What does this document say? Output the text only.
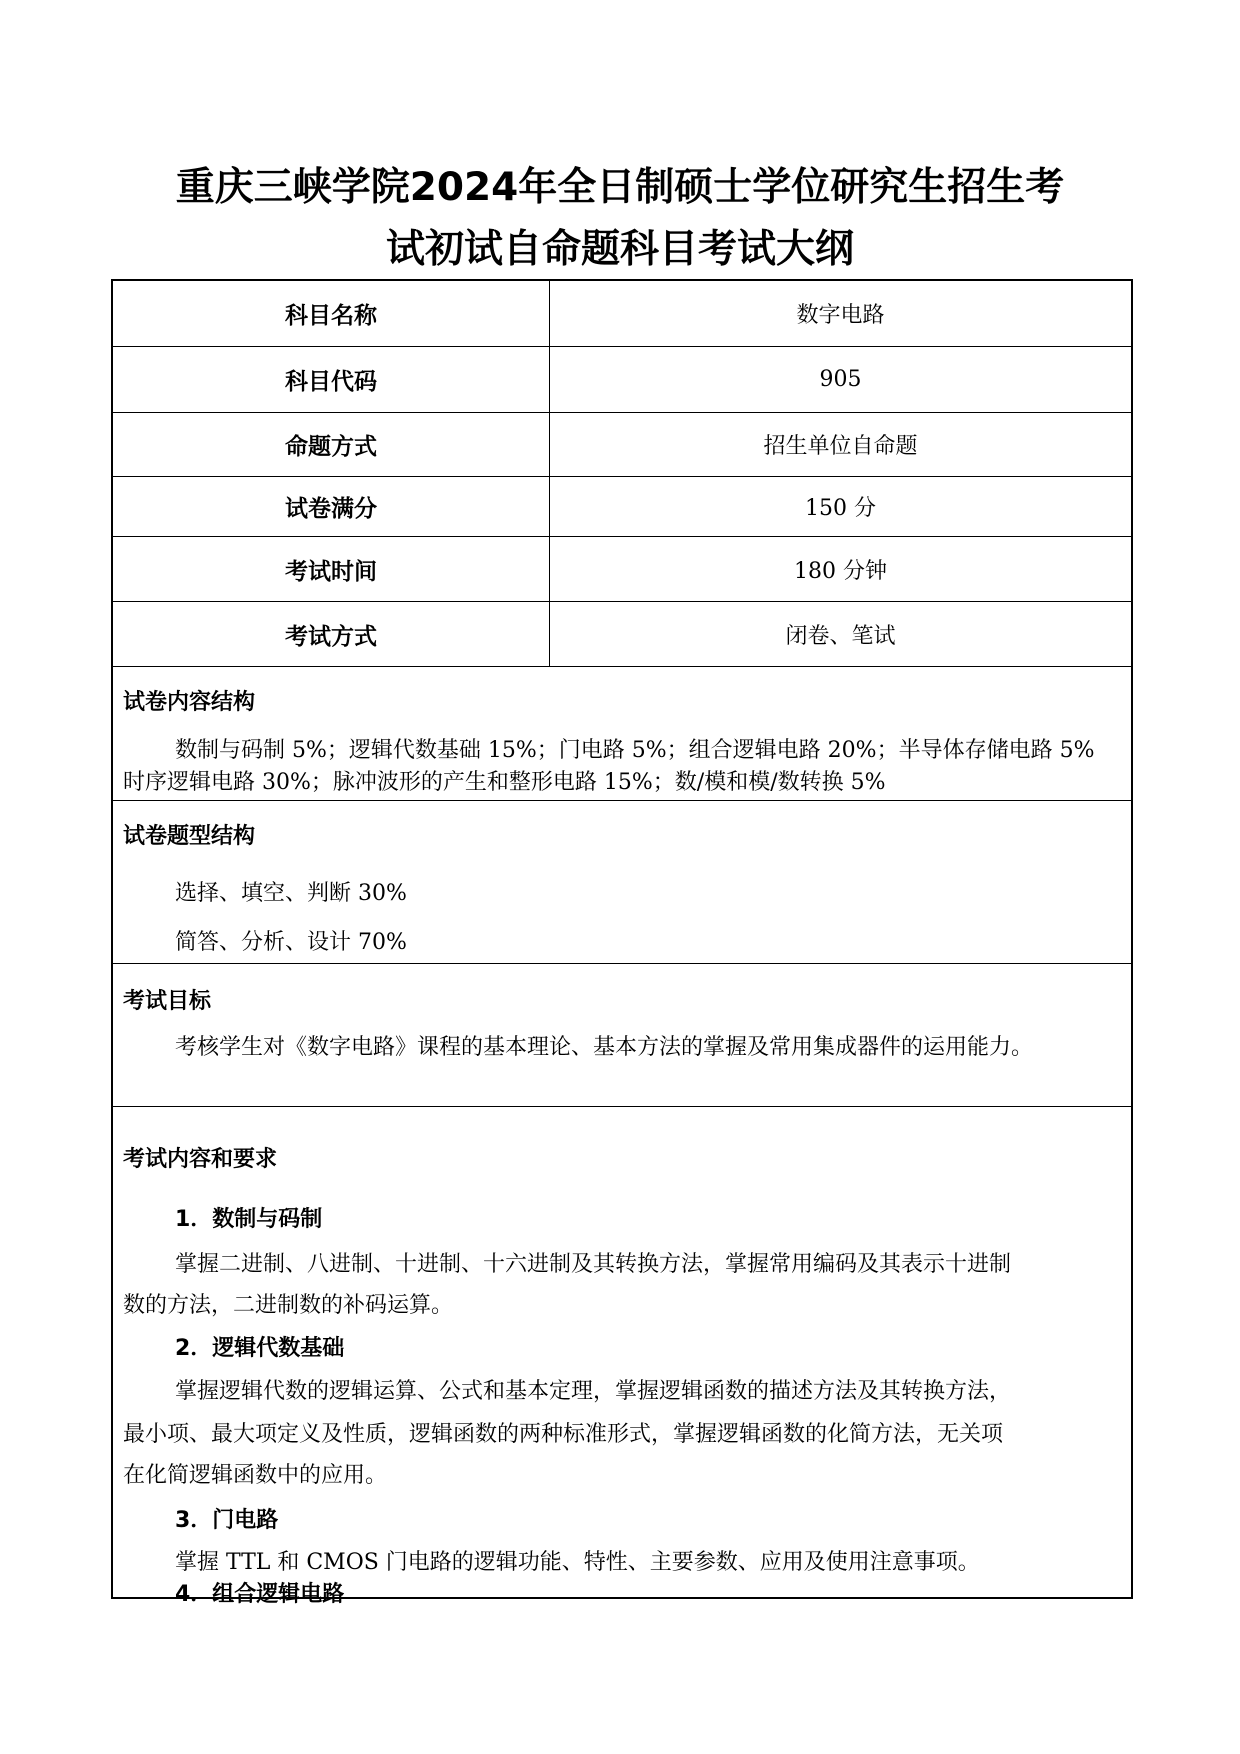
重庆三峡学院2024年全日制硕士学位研究生招生考
试初试自命题科目考试大纲
科目名称	数字电路
科目代码	905
命题方式	招生单位自命题
试卷满分	150 分
考试时间	180 分钟
考试方式	闭卷、笔试
试卷内容结构
数制与码制 5%；逻辑代数基础 15%；门电路 5%；组合逻辑电路 20%；半导体存储电路 5%
时序逻辑电路 30%；脉冲波形的产生和整形电路 15%；数/模和模/数转换 5%
试卷题型结构
选择、填空、判断 30%
简答、分析、设计 70%
考试目标
考核学生对《数字电路》课程的基本理论、基本方法的掌握及常用集成器件的运用能力。
考试内容和要求
1．数制与码制
掌握二进制、八进制、十进制、十六进制及其转换方法，掌握常用编码及其表示十进制
数的方法，二进制数的补码运算。
2．逻辑代数基础
掌握逻辑代数的逻辑运算、公式和基本定理，掌握逻辑函数的描述方法及其转换方法，
最小项、最大项定义及性质，逻辑函数的两种标准形式，掌握逻辑函数的化简方法，无关项
在化简逻辑函数中的应用。
3．门电路
掌握 TTL 和 CMOS 门电路的逻辑功能、特性、主要参数、应用及使用注意事项。
4．组合逻辑电路
